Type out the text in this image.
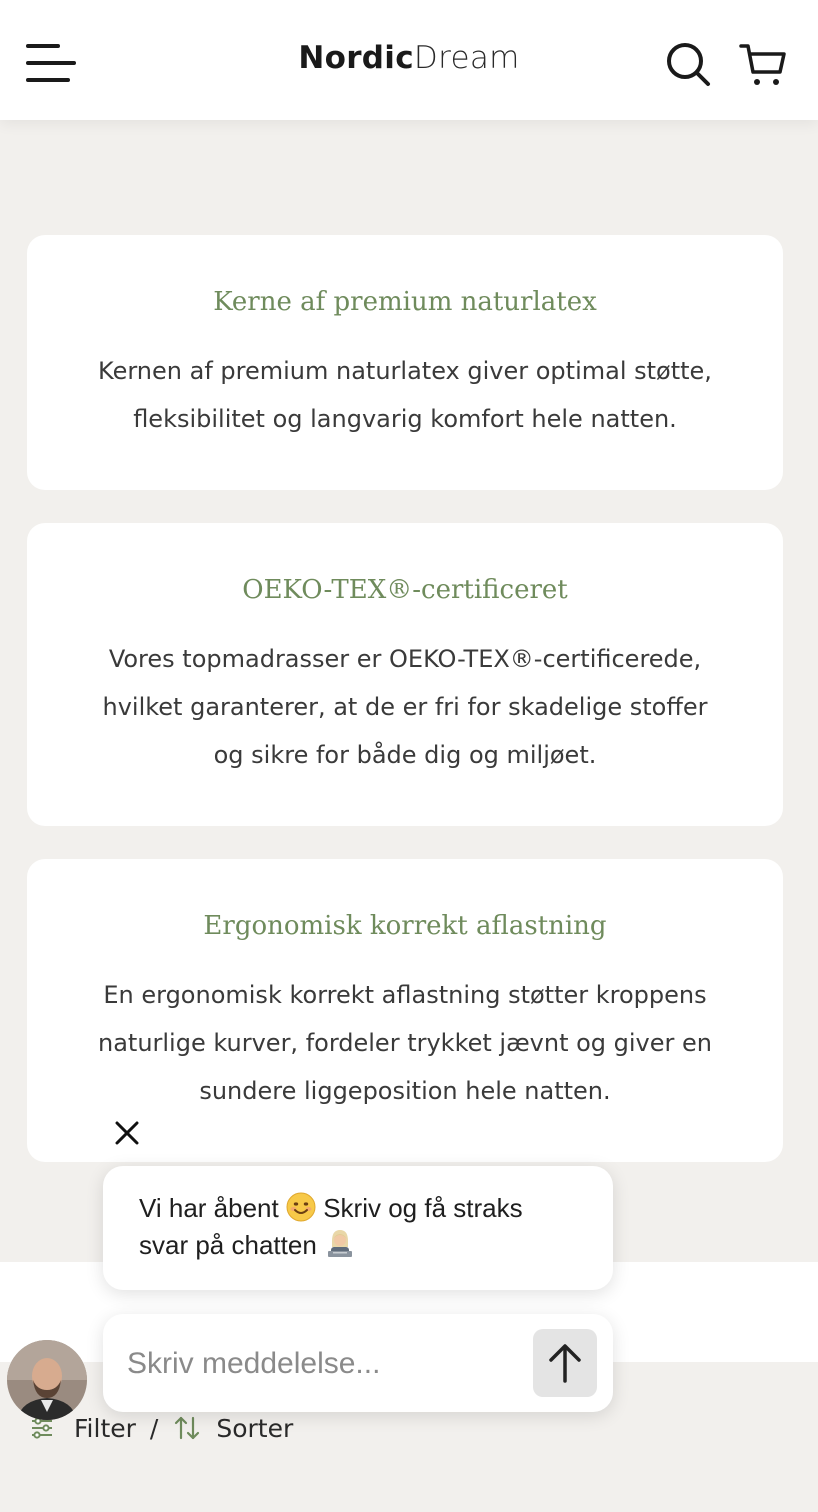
NordicDream
Kerne af premium naturlatex

Kernen af premium naturlatex giver optimal støtte,
fleksibilitet og langvarig komfort hele natten.

OEKO-TEX®-certificeret

Vores topmadrasser er OEKO-TEX®-certificerede,
hvilket garanterer, at de er fri for skadelige stoffer
og sikre for både dig og miljøet.

Ergonomisk korrekt aflastning

En ergonomisk korrekt aflastning støtter kroppens
naturlige kurver, fordeler trykket jævnt og giver en
sundere liggeposition hele natten.

Vi har åbent Skriv og få straks
svar på chatten

Skriv meddelelse...
Filter / Sorter
